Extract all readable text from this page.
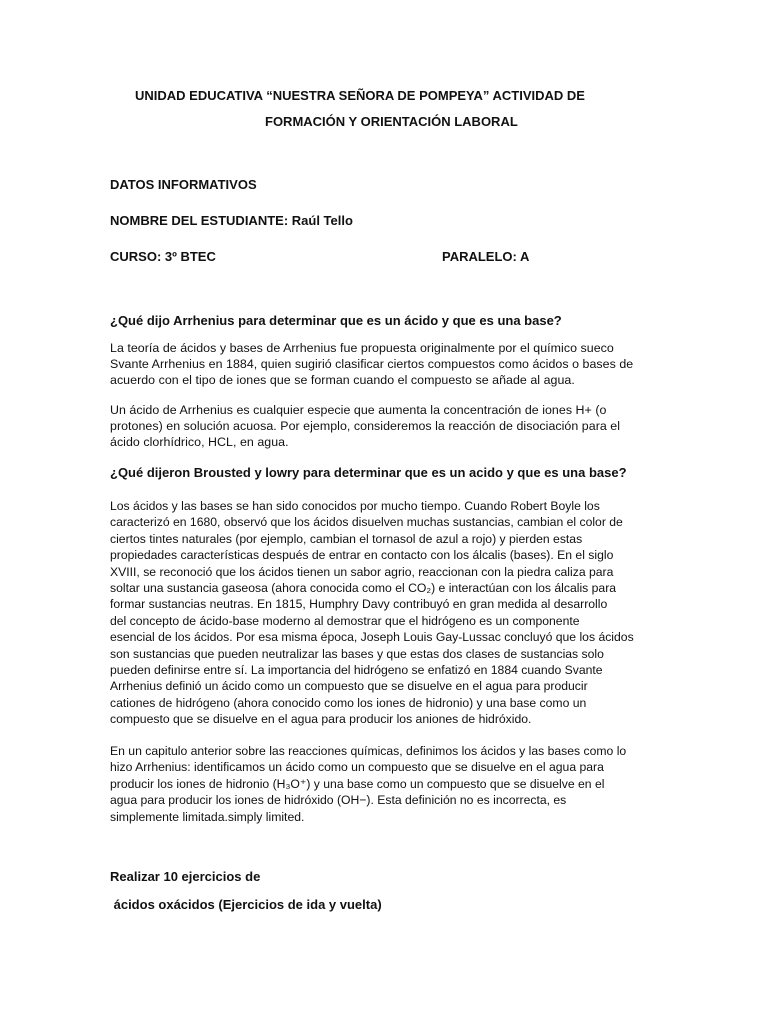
UNIDAD EDUCATIVA “NUESTRA SEÑORA DE POMPEYA” ACTIVIDAD DE
FORMACIÓN Y ORIENTACIÓN LABORAL
DATOS INFORMATIVOS
NOMBRE DEL ESTUDIANTE: Raúl Tello
CURSO: 3º BTEC	PARALELO: A
¿Qué dijo Arrhenius para determinar que es un ácido y que es una base?
La teoría de ácidos y bases de Arrhenius fue propuesta originalmente por el químico sueco
Svante Arrhenius en 1884, quien sugirió clasificar ciertos compuestos como ácidos o bases de
acuerdo con el tipo de iones que se forman cuando el compuesto se añade al agua.
Un ácido de Arrhenius es cualquier especie que aumenta la concentración de iones H+ (o
protones) en solución acuosa. Por ejemplo, consideremos la reacción de disociación para el
ácido clorhídrico, HCL, en agua.
¿Qué dijeron Brousted y lowry para determinar que es un acido y que es una base?
Los ácidos y las bases se han sido conocidos por mucho tiempo. Cuando Robert Boyle los
caracterizó en 1680, observó que los ácidos disuelven muchas sustancias, cambian el color de
ciertos tintes naturales (por ejemplo, cambian el tornasol de azul a rojo) y pierden estas
propiedades características después de entrar en contacto con los álcalis (bases). En el siglo
XVIII, se reconoció que los ácidos tienen un sabor agrio, reaccionan con la piedra caliza para
soltar una sustancia gaseosa (ahora conocida como el CO₂) e interactúan con los álcalis para
formar sustancias neutras. En 1815, Humphry Davy contribuyó en gran medida al desarrollo
del concepto de ácido-base moderno al demostrar que el hidrógeno es un componente
esencial de los ácidos. Por esa misma época, Joseph Louis Gay-Lussac concluyó que los ácidos
son sustancias que pueden neutralizar las bases y que estas dos clases de sustancias solo
pueden definirse entre sí. La importancia del hidrógeno se enfatizó en 1884 cuando Svante
Arrhenius definió un ácido como un compuesto que se disuelve en el agua para producir
cationes de hidrógeno (ahora conocido como los iones de hidronio) y una base como un
compuesto que se disuelve en el agua para producir los aniones de hidróxido.
En un capitulo anterior sobre las reacciones químicas, definimos los ácidos y las bases como lo
hizo Arrhenius: identificamos un ácido como un compuesto que se disuelve en el agua para
producir los iones de hidronio (H₃O⁺) y una base como un compuesto que se disuelve en el
agua para producir los iones de hidróxido (OH−). Esta definición no es incorrecta, es
simplemente limitada.simply limited.
Realizar 10 ejercicios de
ácidos oxácidos (Ejercicios de ida y vuelta)
